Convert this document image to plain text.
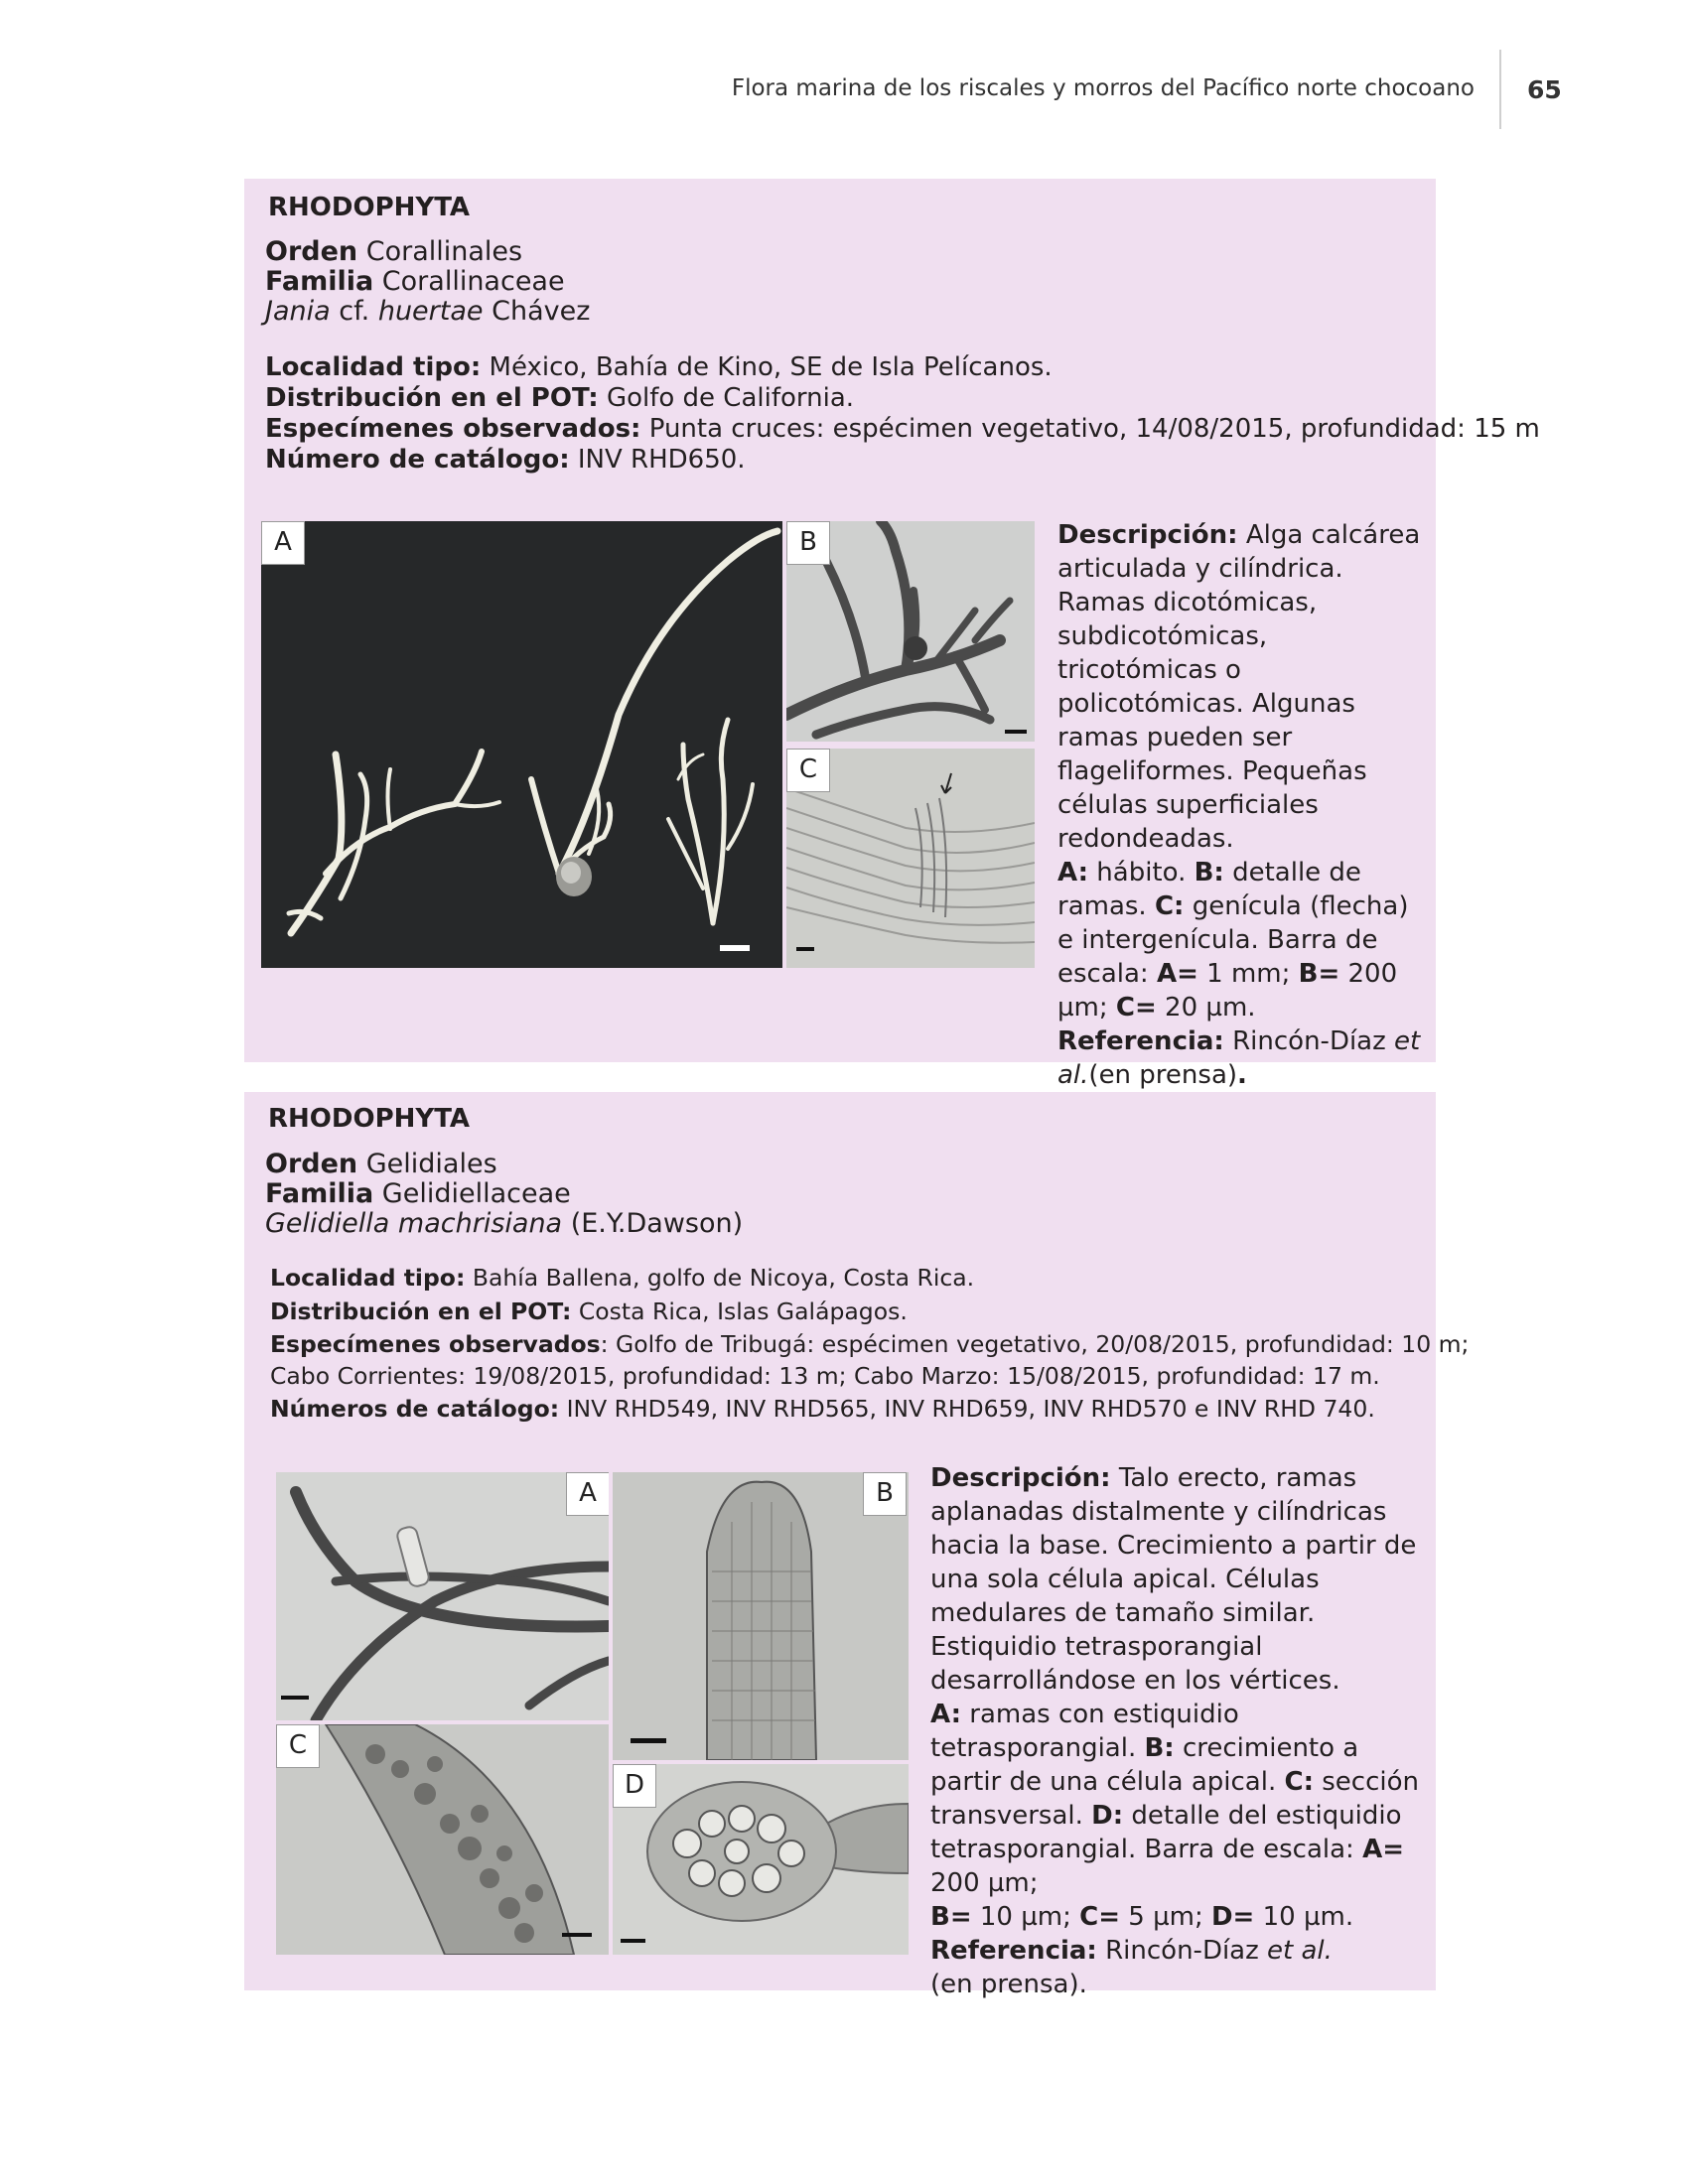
Flora marina de los riscales y morros del Pacífico norte chocoano 65
RHODOPHYTA
Orden Corallinales
Familia Corallinaceae
Jania cf. huertae Chávez
Localidad tipo: México, Bahía de Kino, SE de Isla Pelícanos.
Distribución en el POT: Golfo de California.
Especímenes observados: Punta cruces: espécimen vegetativo, 14/08/2015, profundidad: 15 m
Número de catálogo: INV RHD650.
A	B
C

Descripción: Alga calcárea articulada y cilíndrica. Ramas dicotómicas, subdicotómicas, tricotómicas o policotómicas. Algunas ramas pueden ser flageliformes. Pequeñas células superficiales redondeadas.

A: hábito. B: detalle de ramas. C: genícula (flecha) e intergenícula. Barra de escala: A= 1 mm; B= 200 µm; C= 20 µm.

Referencia: Rincón-Díaz et al.(en prensa).

RHODOPHYTA
Orden Gelidiales
Familia Gelidiellaceae
Gelidiella machrisiana (E.Y.Dawson)
Localidad tipo: Bahía Ballena, golfo de Nicoya, Costa Rica.
Distribución en el POT: Costa Rica, Islas Galápagos.
Especímenes observados: Golfo de Tribugá: espécimen vegetativo, 20/08/2015, profundidad: 10 m;
Cabo Corrientes: 19/08/2015, profundidad: 13 m; Cabo Marzo: 15/08/2015, profundidad: 17 m.
Números de catálogo: INV RHD549, INV RHD565, INV RHD659, INV RHD570 e INV RHD 740.
A	B
C
D

Descripción: Talo erecto, ramas aplanadas distalmente y cilíndricas hacia la base. Crecimiento a partir de una sola célula apical. Células medulares de tamaño similar. Estiquidio tetrasporangial desarrollándose en los vértices.

A: ramas con estiquidio tetrasporangial. B: crecimiento a partir de una célula apical. C: sección transversal. D: detalle del estiquidio tetrasporangial. Barra de escala: A= 200 µm;
B= 10 µm; C= 5 µm; D= 10 µm.

Referencia: Rincón-Díaz et al.
(en prensa).
